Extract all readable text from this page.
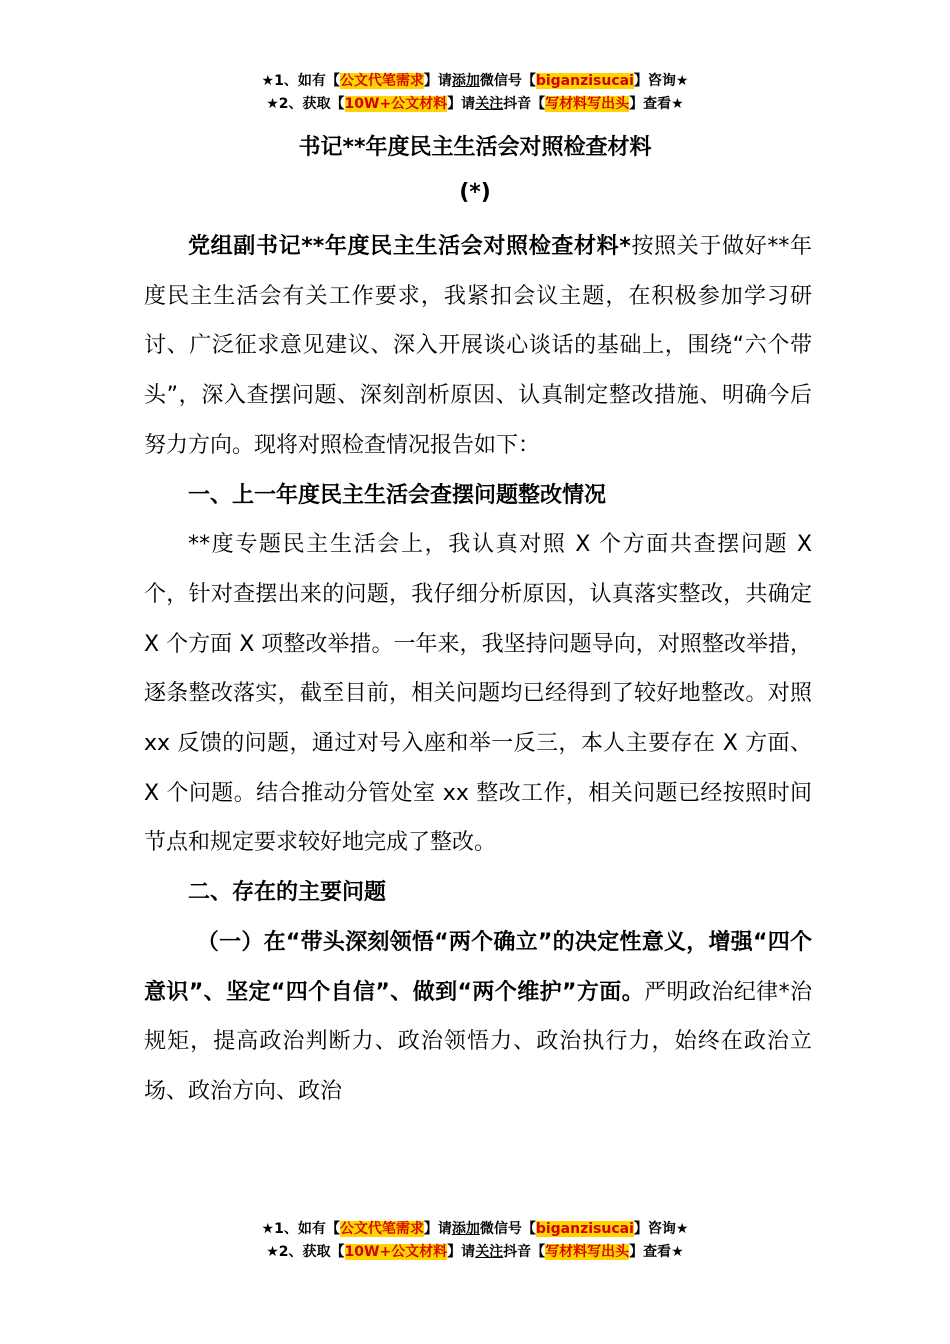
★1、如有【公文代笔需求】请添加微信号【biganzisucai】咨询★
★2、获取【10W+公文材料】请关注抖音【写材料写出头】查看★
书记**年度民主生活会对照检查材料
(*)

党组副书记**年度民主生活会对照检查材料*按照关于做好**年度民主生活会有关工作要求，我紧扣会议主题，在积极参加学习研讨、广泛征求意见建议、深入开展谈心谈话的基础上，围绕“六个带头”，深入查摆问题、深刻剖析原因、认真制定整改措施、明确今后努力方向。现将对照检查情况报告如下：

一、上一年度民主生活会查摆问题整改情况

**度专题民主生活会上，我认真对照 X 个方面共查摆问题 X 个，针对查摆出来的问题，我仔细分析原因，认真落实整改，共确定 X 个方面 X 项整改举措。一年来，我坚持问题导向，对照整改举措，逐条整改落实，截至目前，相关问题均已经得到了较好地整改。对照 xx 反馈的问题，通过对号入座和举一反三，本人主要存在 X 方面、X 个问题。结合推动分管处室 xx 整改工作，相关问题已经按照时间节点和规定要求较好地完成了整改。

二、存在的主要问题

（一）在“带头深刻领悟“两个确立”的决定性意义，增强“四个意识”、坚定“四个自信”、做到“两个维护”方面。严明政治纪律*治规矩，提高政治判断力、政治领悟力、政治执行力，始终在政治立场、政治方向、政治

★1、如有【公文代笔需求】请添加微信号【biganzisucai】咨询★
★2、获取【10W+公文材料】请关注抖音【写材料写出头】查看★
